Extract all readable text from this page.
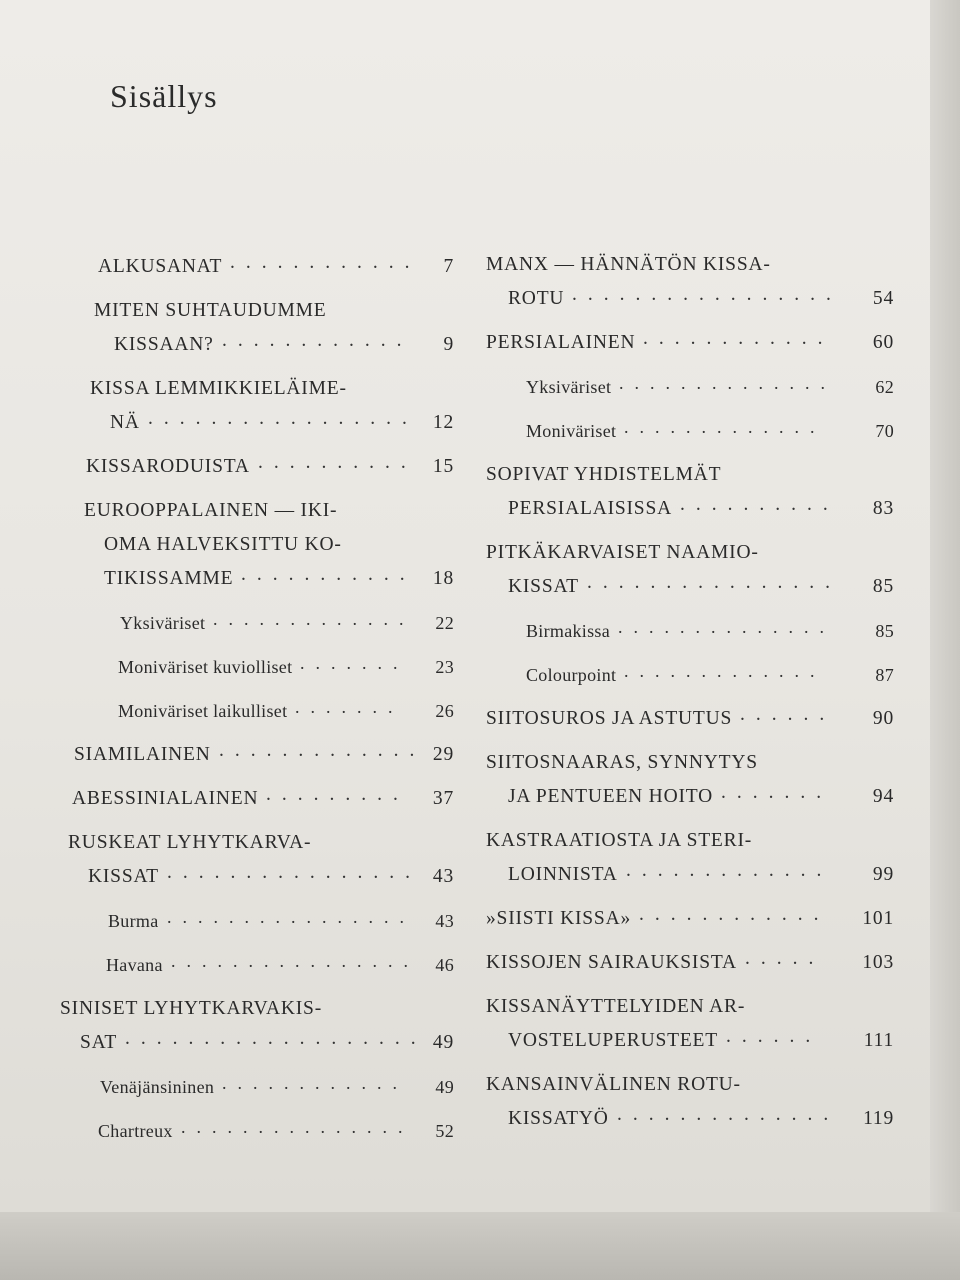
Sisällys
ALKUSANAT	7
............
MITEN SUHTAUDUMME
KISSAAN?	9
............
KISSA LEMMIKKIELÄIME-
NÄ	12
.................
KISSARODUISTA	15
..........
EUROOPPALAINEN — IKI-
OMA HALVEKSITTU KO-
TIKISSAMME	18
...........
Yksiväriset	22
.............
Moniväriset kuviolliset	23
.......
Moniväriset laikulliset	26
.......
SIAMILAINEN	29
.............
ABESSINIALAINEN	37
.........
RUSKEAT LYHYTKARVA-
KISSAT	43
................
Burma	43
................
Havana	46
................
SINISET LYHYTKARVAKIS-
SAT	49
...................
Venäjänsininen	49
............
Chartreux	52
...............
MANX — HÄNNÄTÖN KISSA-
ROTU	54
.................
PERSIALAINEN	60
............
Yksiväriset	62
..............
Moniväriset	70
.............
SOPIVAT YHDISTELMÄT
PERSIALAISISSA	83
..........
PITKÄKARVAISET NAAMIO-
KISSAT	85
................
Birmakissa	85
..............
Colourpoint	87
.............
SIITOSUROS JA ASTUTUS	90
......
SIITOSNAARAS, SYNNYTYS
JA PENTUEEN HOITO	94
.......
KASTRAATIOSTA JA STERI-
LOINNISTA	99
.............
»SIISTI KISSA»	101
............
KISSOJEN SAIRAUKSISTA	103
.....
KISSANÄYTTELYIDEN AR-
VOSTELUPERUSTEET	111
......
KANSAINVÄLINEN ROTU-
KISSATYÖ	119
..............
